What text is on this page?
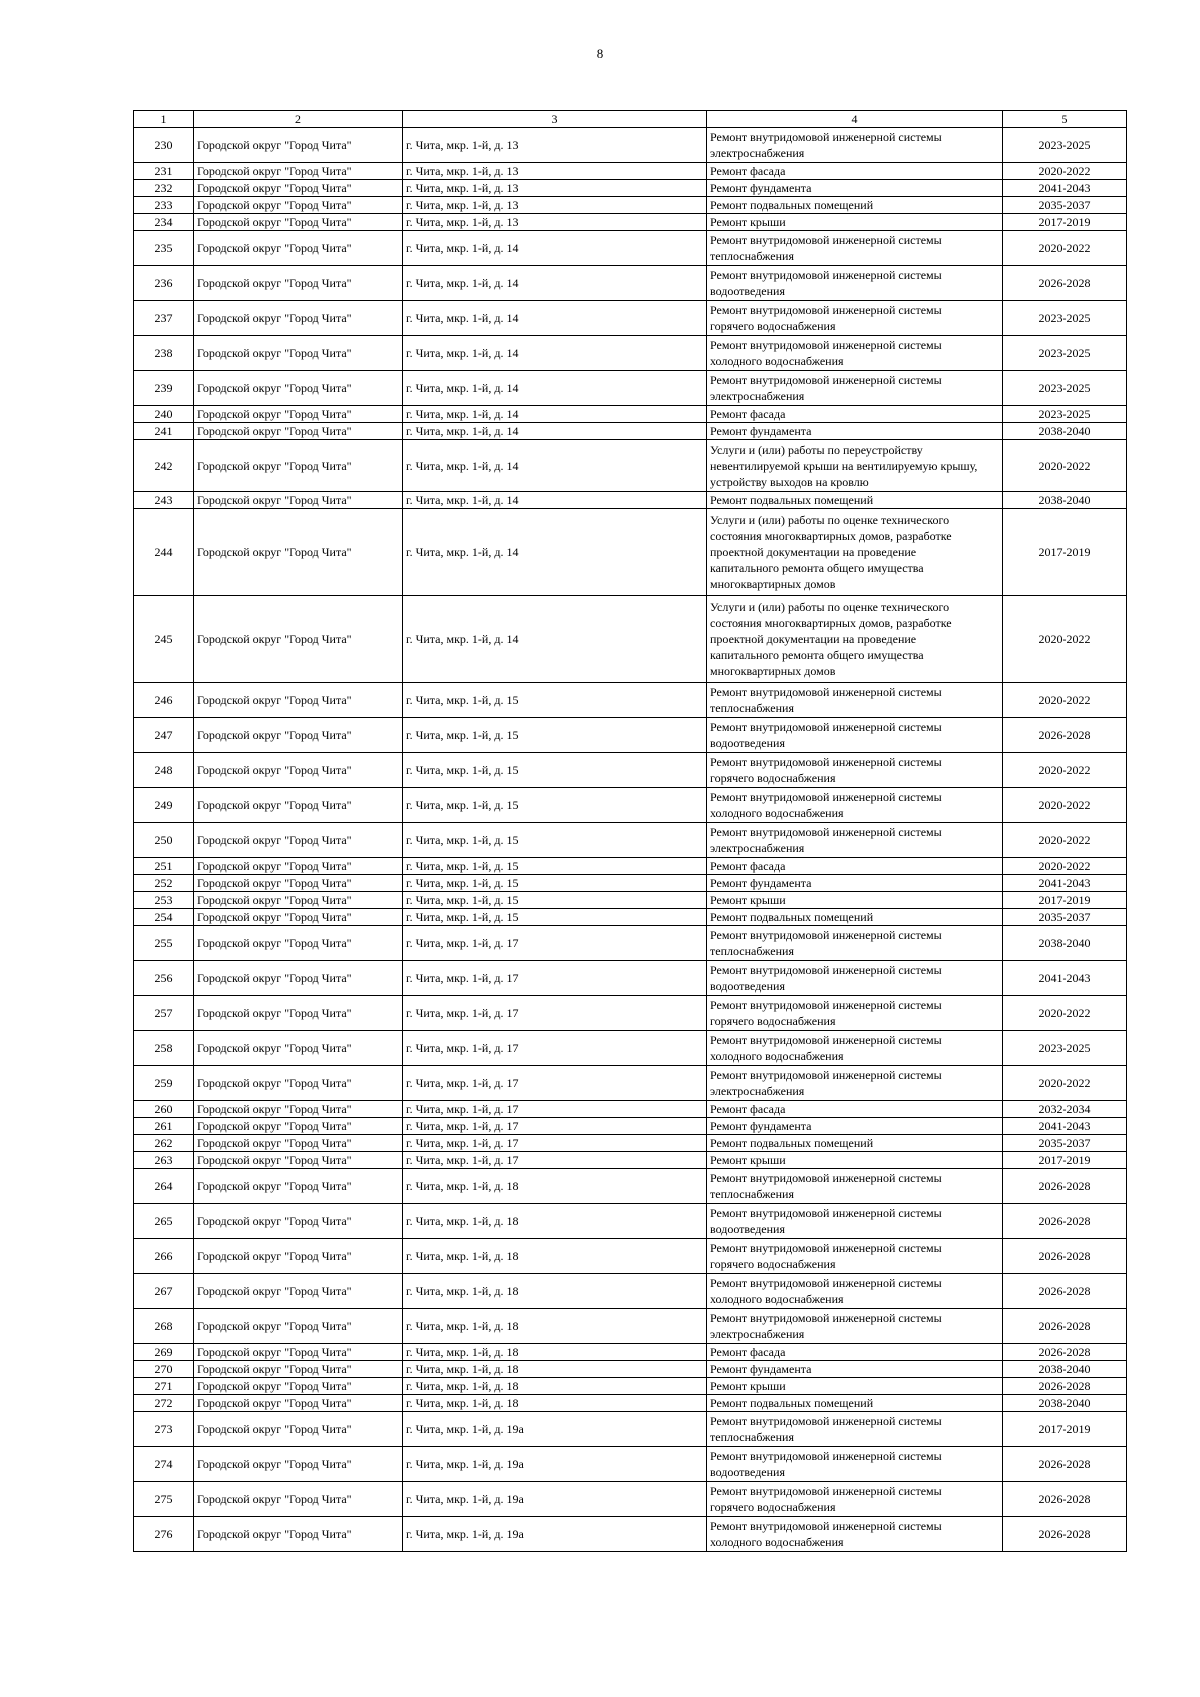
8
1	2	3	4	5
230	Городской округ "Город Чита"	г. Чита, мкр. 1-й, д. 13	Ремонт внутридомовой инженерной системы электроснабжения	2023-2025
231	Городской округ "Город Чита"	г. Чита, мкр. 1-й, д. 13	Ремонт фасада	2020-2022
232	Городской округ "Город Чита"	г. Чита, мкр. 1-й, д. 13	Ремонт фундамента	2041-2043
233	Городской округ "Город Чита"	г. Чита, мкр. 1-й, д. 13	Ремонт подвальных помещений	2035-2037
234	Городской округ "Город Чита"	г. Чита, мкр. 1-й, д. 13	Ремонт крыши	2017-2019
235	Городской округ "Город Чита"	г. Чита, мкр. 1-й, д. 14	Ремонт внутридомовой инженерной системы теплоснабжения	2020-2022
236	Городской округ "Город Чита"	г. Чита, мкр. 1-й, д. 14	Ремонт внутридомовой инженерной системы водоотведения	2026-2028
237	Городской округ "Город Чита"	г. Чита, мкр. 1-й, д. 14	Ремонт внутридомовой инженерной системы горячего водоснабжения	2023-2025
238	Городской округ "Город Чита"	г. Чита, мкр. 1-й, д. 14	Ремонт внутридомовой инженерной системы холодного водоснабжения	2023-2025
239	Городской округ "Город Чита"	г. Чита, мкр. 1-й, д. 14	Ремонт внутридомовой инженерной системы электроснабжения	2023-2025
240	Городской округ "Город Чита"	г. Чита, мкр. 1-й, д. 14	Ремонт фасада	2023-2025
241	Городской округ "Город Чита"	г. Чита, мкр. 1-й, д. 14	Ремонт фундамента	2038-2040
242	Городской округ "Город Чита"	г. Чита, мкр. 1-й, д. 14	Услуги и (или) работы по переустройству невентилируемой крыши на вентилируемую крышу, устройству выходов на кровлю	2020-2022
243	Городской округ "Город Чита"	г. Чита, мкр. 1-й, д. 14	Ремонт подвальных помещений	2038-2040
244	Городской округ "Город Чита"	г. Чита, мкр. 1-й, д. 14	Услуги и (или) работы по оценке технического состояния многоквартирных домов, разработке проектной документации на проведение капитального ремонта общего имущества многоквартирных домов	2017-2019
245	Городской округ "Город Чита"	г. Чита, мкр. 1-й, д. 14	Услуги и (или) работы по оценке технического состояния многоквартирных домов, разработке проектной документации на проведение капитального ремонта общего имущества многоквартирных домов	2020-2022
246	Городской округ "Город Чита"	г. Чита, мкр. 1-й, д. 15	Ремонт внутридомовой инженерной системы теплоснабжения	2020-2022
247	Городской округ "Город Чита"	г. Чита, мкр. 1-й, д. 15	Ремонт внутридомовой инженерной системы водоотведения	2026-2028
248	Городской округ "Город Чита"	г. Чита, мкр. 1-й, д. 15	Ремонт внутридомовой инженерной системы горячего водоснабжения	2020-2022
249	Городской округ "Город Чита"	г. Чита, мкр. 1-й, д. 15	Ремонт внутридомовой инженерной системы холодного водоснабжения	2020-2022
250	Городской округ "Город Чита"	г. Чита, мкр. 1-й, д. 15	Ремонт внутридомовой инженерной системы электроснабжения	2020-2022
251	Городской округ "Город Чита"	г. Чита, мкр. 1-й, д. 15	Ремонт фасада	2020-2022
252	Городской округ "Город Чита"	г. Чита, мкр. 1-й, д. 15	Ремонт фундамента	2041-2043
253	Городской округ "Город Чита"	г. Чита, мкр. 1-й, д. 15	Ремонт крыши	2017-2019
254	Городской округ "Город Чита"	г. Чита, мкр. 1-й, д. 15	Ремонт подвальных помещений	2035-2037
255	Городской округ "Город Чита"	г. Чита, мкр. 1-й, д. 17	Ремонт внутридомовой инженерной системы теплоснабжения	2038-2040
256	Городской округ "Город Чита"	г. Чита, мкр. 1-й, д. 17	Ремонт внутридомовой инженерной системы водоотведения	2041-2043
257	Городской округ "Город Чита"	г. Чита, мкр. 1-й, д. 17	Ремонт внутридомовой инженерной системы горячего водоснабжения	2020-2022
258	Городской округ "Город Чита"	г. Чита, мкр. 1-й, д. 17	Ремонт внутридомовой инженерной системы холодного водоснабжения	2023-2025
259	Городской округ "Город Чита"	г. Чита, мкр. 1-й, д. 17	Ремонт внутридомовой инженерной системы электроснабжения	2020-2022
260	Городской округ "Город Чита"	г. Чита, мкр. 1-й, д. 17	Ремонт фасада	2032-2034
261	Городской округ "Город Чита"	г. Чита, мкр. 1-й, д. 17	Ремонт фундамента	2041-2043
262	Городской округ "Город Чита"	г. Чита, мкр. 1-й, д. 17	Ремонт подвальных помещений	2035-2037
263	Городской округ "Город Чита"	г. Чита, мкр. 1-й, д. 17	Ремонт крыши	2017-2019
264	Городской округ "Город Чита"	г. Чита, мкр. 1-й, д. 18	Ремонт внутридомовой инженерной системы теплоснабжения	2026-2028
265	Городской округ "Город Чита"	г. Чита, мкр. 1-й, д. 18	Ремонт внутридомовой инженерной системы водоотведения	2026-2028
266	Городской округ "Город Чита"	г. Чита, мкр. 1-й, д. 18	Ремонт внутридомовой инженерной системы горячего водоснабжения	2026-2028
267	Городской округ "Город Чита"	г. Чита, мкр. 1-й, д. 18	Ремонт внутридомовой инженерной системы холодного водоснабжения	2026-2028
268	Городской округ "Город Чита"	г. Чита, мкр. 1-й, д. 18	Ремонт внутридомовой инженерной системы электроснабжения	2026-2028
269	Городской округ "Город Чита"	г. Чита, мкр. 1-й, д. 18	Ремонт фасада	2026-2028
270	Городской округ "Город Чита"	г. Чита, мкр. 1-й, д. 18	Ремонт фундамента	2038-2040
271	Городской округ "Город Чита"	г. Чита, мкр. 1-й, д. 18	Ремонт крыши	2026-2028
272	Городской округ "Город Чита"	г. Чита, мкр. 1-й, д. 18	Ремонт подвальных помещений	2038-2040
273	Городской округ "Город Чита"	г. Чита, мкр. 1-й, д. 19а	Ремонт внутридомовой инженерной системы теплоснабжения	2017-2019
274	Городской округ "Город Чита"	г. Чита, мкр. 1-й, д. 19а	Ремонт внутридомовой инженерной системы водоотведения	2026-2028
275	Городской округ "Город Чита"	г. Чита, мкр. 1-й, д. 19а	Ремонт внутридомовой инженерной системы горячего водоснабжения	2026-2028
276	Городской округ "Город Чита"	г. Чита, мкр. 1-й, д. 19а	Ремонт внутридомовой инженерной системы холодного водоснабжения	2026-2028
